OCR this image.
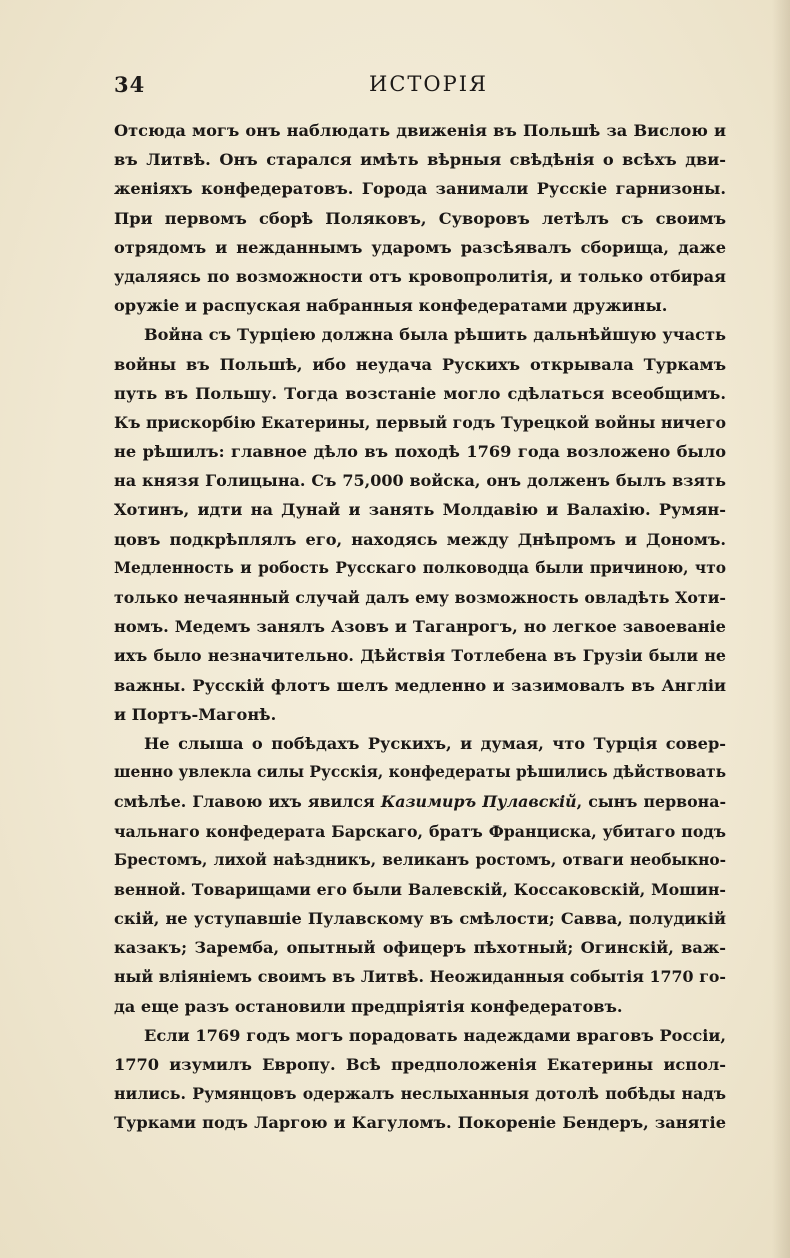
34	ИСТОРІЯ
Отсюда могъ онъ наблюдать движенія въ Польшѣ за Вислою и
въ Литвѣ. Онъ старался имѣть вѣрныя свѣдѣнія о всѣхъ дви-
женіяхъ конфедератовъ. Города занимали Русскіе гарнизоны.
При первомъ сборѣ Поляковъ, Суворовъ летѣлъ съ своимъ
отрядомъ и нежданнымъ ударомъ разсѣявалъ сборища, даже
удаляясь по возможности отъ кровопролитія, и только отбирая
оружіе и распуская набранныя конфедератами дружины.
Война съ Турціею должна была рѣшить дальнѣйшую участь
войны въ Польшѣ, ибо неудача Рускихъ открывала Туркамъ
путь въ Польшу. Тогда возстаніе могло сдѣлаться всеобщимъ.
Къ прискорбію Екатерины, первый годъ Турецкой войны ничего
не рѣшилъ: главное дѣло въ походѣ 1769 года возложено было
на князя Голицына. Съ 75,000 войска, онъ долженъ былъ взять
Хотинъ, идти на Дунай и занять Молдавію и Валахію. Румян-
цовъ подкрѣплялъ его, находясь между Днѣпромъ и Дономъ.
Медленность и робость Русскаго полководца были причиною, что
только нечаянный случай далъ ему возможность овладѣть Хоти-
номъ. Медемъ занялъ Азовъ и Таганрогъ, но легкое завоеваніе
ихъ было незначительно. Дѣйствія Тотлебена въ Грузіи были не
важны. Русскій флотъ шелъ медленно и зазимовалъ въ Англіи
и Портъ-Магонѣ.
Не слыша о побѣдахъ Рускихъ, и думая, что Турція совер-
шенно увлекла силы Русскія, конфедераты рѣшились дѣйствовать
смѣлѣе. Главою ихъ явился Казимиръ Пулавскій, сынъ первона-
чальнаго конфедерата Барскаго, братъ Франциска, убитаго подъ
Брестомъ, лихой наѣздникъ, великанъ ростомъ, отваги необыкно-
венной. Товарищами его были Валевскій, Коссаковскій, Мошин-
скій, не уступавшіе Пулавскому въ смѣлости; Савва, полудикій
казакъ; Заремба, опытный офицеръ пѣхотный; Огинскій, важ-
ный вліяніемъ своимъ въ Литвѣ. Неожиданныя событія 1770 го-
да еще разъ остановили предпріятія конфедератовъ.
Если 1769 годъ могъ порадовать надеждами враговъ Россіи,
1770 изумилъ Европу. Всѣ предположенія Екатерины испол-
нились. Румянцовъ одержалъ неслыханныя дотолѣ побѣды надъ
Турками подъ Ларгою и Кагуломъ. Покореніе Бендеръ, занятіе
